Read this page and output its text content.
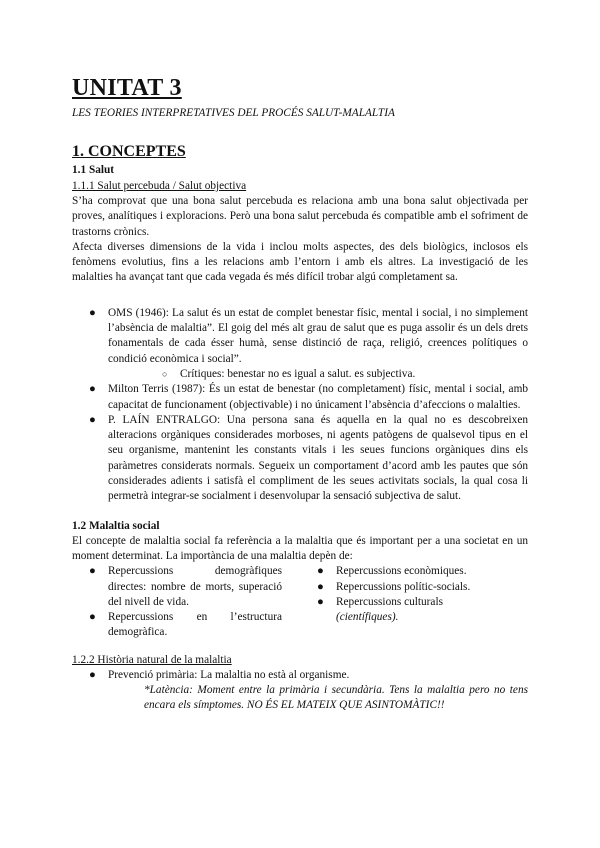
UNITAT 3
LES TEORIES INTERPRETATIVES DEL PROCÉS SALUT-MALALTIA
1. CONCEPTES
1.1 Salut
1.1.1 Salut percebuda / Salut objectiva

S’ha comprovat que una bona salut percebuda es relaciona amb una bona salut objectivada per proves, analítiques i exploracions. Però una bona salut percebuda és compatible amb el sofriment de trastorns crònics.

Afecta diverses dimensions de la vida i inclou molts aspectes, des dels biològics, inclosos els fenòmens evolutius, fins a les relacions amb l’entorn i amb els altres. La investigació de les malalties ha avançat tant que cada vegada és més difícil trobar algú completament sa.

● OMS (1946): La salut és un estat de complet benestar físic, mental i social, i no simplement l’absència de malaltia”. El goig del més alt grau de salut que es puga assolir és un dels drets fonamentals de cada ésser humà, sense distinció de raça, religió, creences polítiques o condició econòmica i social”.
○ Crítiques: benestar no es igual a salut. es subjectiva.
● Milton Terris (1987): És un estat de benestar (no completament) físic, mental i social, amb capacitat de funcionament (objectivable) i no únicament l’absència d’afeccions o malalties.
● P. LAÍN ENTRALGO: Una persona sana és aquella en la qual no es descobreixen alteracions orgàniques considerades morboses, ni agents patògens de qualsevol tipus en el seu organisme, mantenint les constants vitals i les seues funcions orgàniques dins els paràmetres considerats normals. Segueix un comportament d’acord amb les pautes que són considerades adients i satisfà el compliment de les seues activitats socials, la qual cosa li permetrà integrar-se socialment i desenvolupar la sensació subjectiva de salut.
1.2 Malaltia social

El concepte de malaltia social fa referència a la malaltia que és important per a una societat en un moment determinat. La importància de una malaltia depèn de:

● Repercussions demogràfiques directes: nombre de morts, superació del nivell de vida.
● Repercussions en l’estructura demogràfica.
● Repercussions econòmiques.
● Repercussions polític-socials.
● Repercussions culturals
(científiques).
1.2.2 Història natural de la malaltia
● Prevenció primària: La malaltia no està al organisme.
*Latència: Moment entre la primària i secundària. Tens la malaltia pero no tens encara els símptomes. NO ÉS EL MATEIX QUE ASINTOMÀTIC!!
